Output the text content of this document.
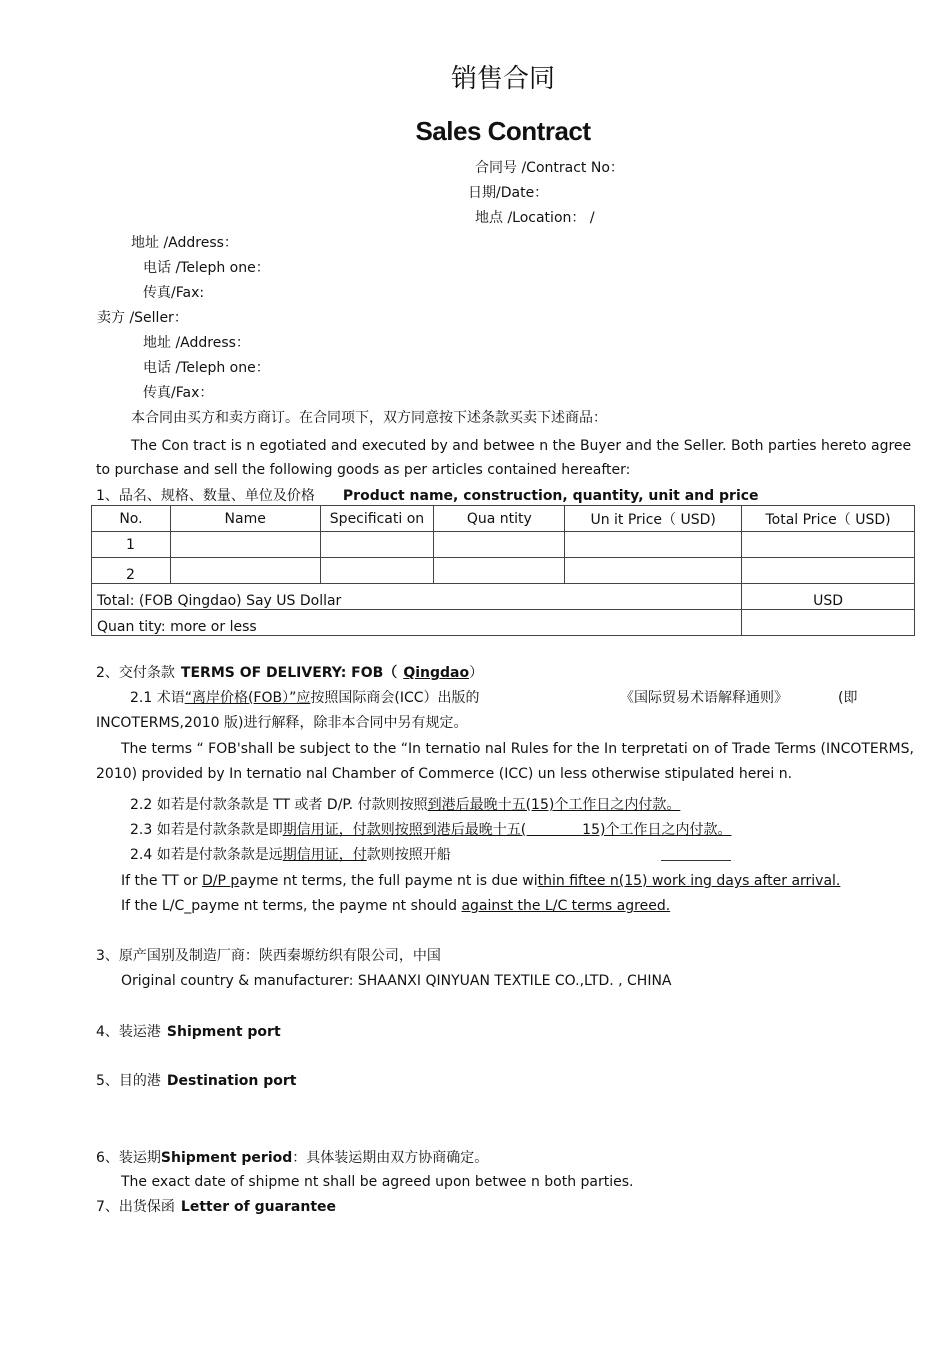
销售合同
Sales Contract
合同号 /Contract No：
日期/Date：
地点 /Location： /
地址 /Address：
电话 /Teleph one：
传真/Fax:
卖方 /Seller：
地址 /Address：
电话 /Teleph one：
传真/Fax：
本合同由买方和卖方商订。在合同项下，双方同意按下述条款买卖下述商品：
The Con tract is n egotiated and executed by and betwee n the Buyer and the Seller. Both parties hereto agree
to purchase and sell the following goods as per articles contained hereafter:
1、品名、规格、数量、单位及价格 Product name, construction, quantity, unit and price
No.	Name	Specificati on	Qua ntity	Un it Price（ USD)	Total Price（ USD)
1					
2					
Total: (FOB Qingdao) Say US Dollar					USD
Quan tity: more or less					
2、交付条款 TERMS OF DELIVERY: FOB（ Qingdao）
2.1 术语“离岸价格(FOB）”应按照国际商会(ICC）出版的	《国际贸易术语解释通则》	(即
INCOTERMS,2010 版)进行解释，除非本合同中另有规定。
The terms “ FOB'shall be subject to the “In ternatio nal Rules for the In terpretati on of Trade Terms (INCOTERMS,
2010) provided by In ternatio nal Chamber of Commerce (ICC) un less otherwise stipulated herei n.
2.2 如若是付款条款是 TT 或者 D/P. 付款则按照到港后最晚十五(15)个工作日之内付款。
2.3 如若是付款条款是即期信用证，付款则按照到港后最晚十五(　　　　15)个工作日之内付款。
2.4 如若是付款条款是远期信用证，付款则按照开船
If the TT or D/P payme nt terms, the full payme nt is due within fiftee n(15) work ing days after arrival.
If the L/C_payme nt terms, the payme nt should against the L/C terms agreed.
3、原产国别及制造厂商：陕西秦塬纺织有限公司，中国
Original country & manufacturer: SHAANXI QINYUAN TEXTILE CO.,LTD. , CHINA
4、装运港 Shipment port
5、目的港 Destination port
6、装运期Shipment period：具体装运期由双方协商确定。
The exact date of shipme nt shall be agreed upon betwee n both parties.
7、出货保函 Letter of guarantee
